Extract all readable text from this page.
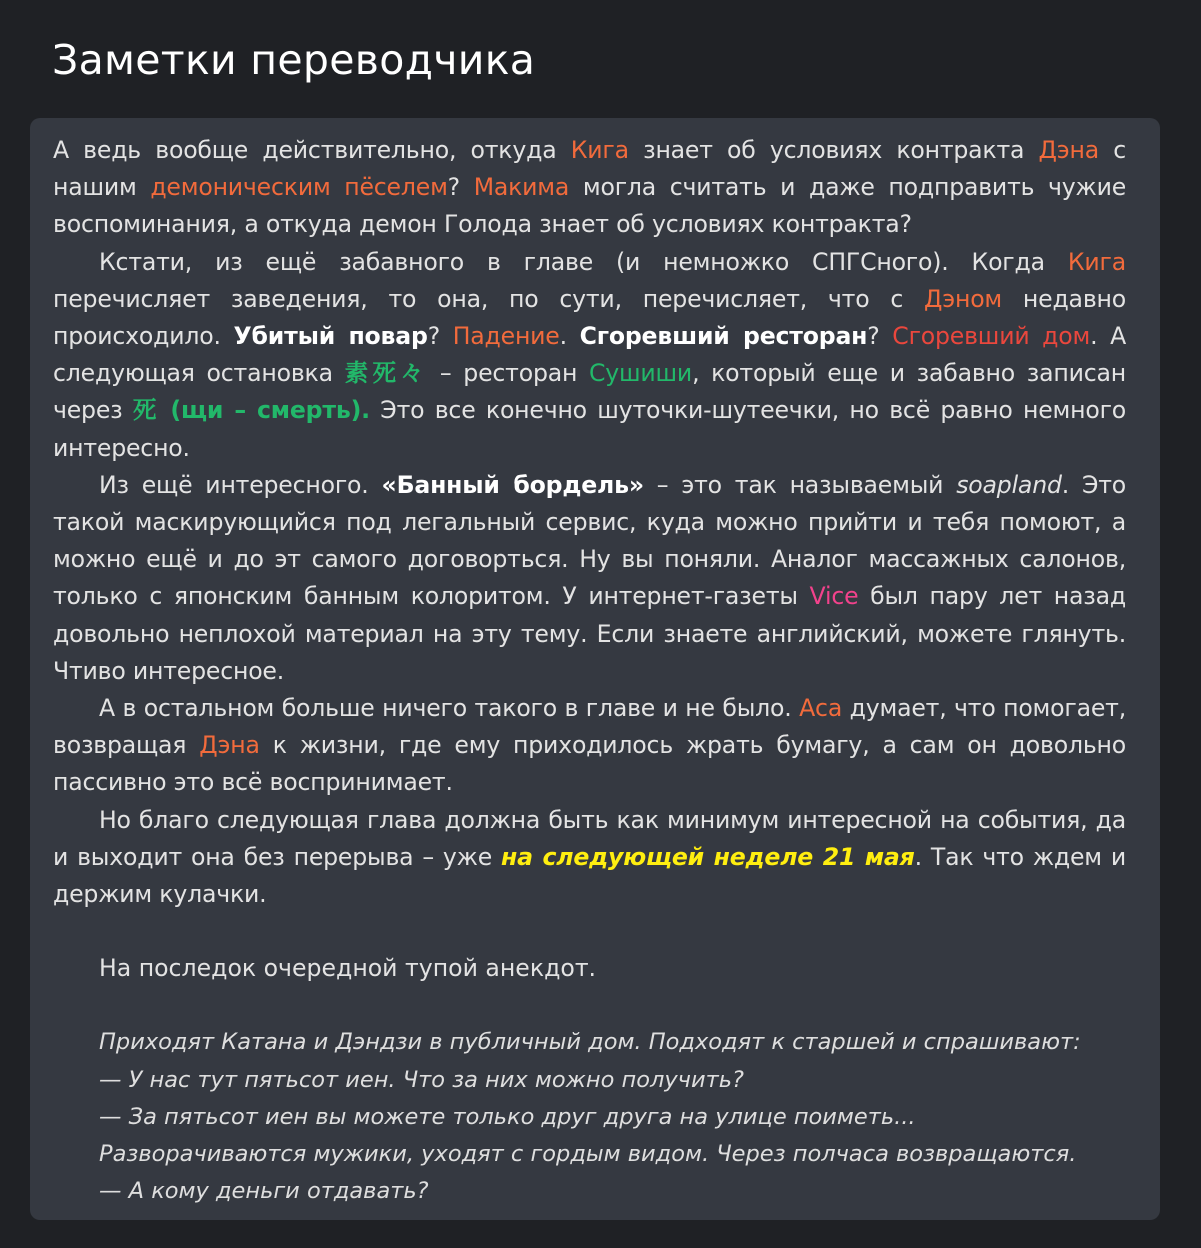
Заметки переводчика

А ведь вообще действительно, откуда Кига знает об условиях контракта Дэна с нашим демоническим пёселем? Макима могла считать и даже подправить чужие воспоминания, а откуда демон Голода знает об условиях контракта?

Кстати, из ещё забавного в главе (и немножко СПГСного). Когда Кига перечисляет заведения, то она, по сути, перечисляет, что с Дэном недавно происходило. Убитый повар? Падение. Сгоревший ресторан? Сгоревший дом. А следующая остановка 素死々 – ресторан Сушиши, который еще и забавно записан через 死 (щи – смерть). Это все конечно шуточки-шутеечки, но всё равно немного интересно.

Из ещё интересного. «Банный бордель» – это так называемый soapland. Это такой маскирующийся под легальный сервис, куда можно прийти и тебя помоют, а можно ещё и до эт самого договорться. Ну вы поняли. Аналог массажных салонов, только с японским банным колоритом. У интернет-газеты Vice был пару лет назад довольно неплохой материал на эту тему. Если знаете английский, можете глянуть. Чтиво интересное.

А в остальном больше ничего такого в главе и не было. Аса думает, что помогает, возвращая Дэна к жизни, где ему приходилось жрать бумагу, а сам он довольно пассивно это всё воспринимает.

Но благо следующая глава должна быть как минимум интересной на события, да и выходит она без перерыва – уже на следующей неделе 21 мая. Так что ждем и держим кулачки.

На последок очередной тупой анекдот.

Приходят Катана и Дэндзи в публичный дом. Подходят к старшей и спрашивают:

— У нас тут пятьсот иен. Что за них можно получить?

— За пятьсот иен вы можете только друг друга на улице поиметь...

Разворачиваются мужики, уходят с гордым видом. Через полчаса возвращаются.

— А кому деньги отдавать?
